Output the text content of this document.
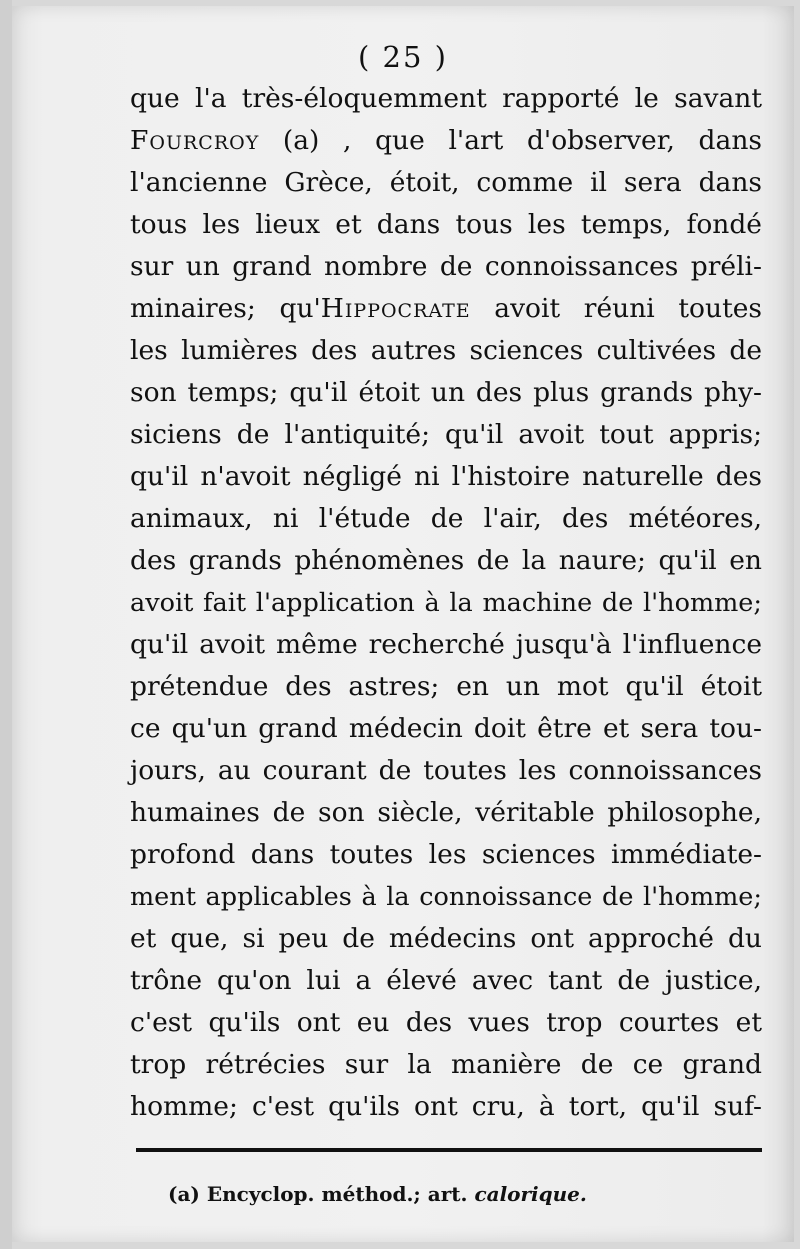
( 25 )
que l'a très-éloquemment rapporté le savant
Fourcroy (a) , que l'art d'observer, dans
l'ancienne Grèce, étoit, comme il sera dans
tous les lieux et dans tous les temps, fondé
sur un grand nombre de connoissances préli-
minaires; qu'Hippocrate avoit réuni toutes
les lumières des autres sciences cultivées de
son temps; qu'il étoit un des plus grands phy-
siciens de l'antiquité; qu'il avoit tout appris;
qu'il n'avoit négligé ni l'histoire naturelle des
animaux, ni l'étude de l'air, des météores,
des grands phénomènes de la naure; qu'il en
avoit fait l'application à la machine de l'homme;
qu'il avoit même recherché jusqu'à l'influence
prétendue des astres; en un mot qu'il étoit
ce qu'un grand médecin doit être et sera tou-
jours, au courant de toutes les connoissances
humaines de son siècle, véritable philosophe,
profond dans toutes les sciences immédiate-
ment applicables à la connoissance de l'homme;
et que, si peu de médecins ont approché du
trône qu'on lui a élevé avec tant de justice,
c'est qu'ils ont eu des vues trop courtes et
trop rétrécies sur la manière de ce grand
homme; c'est qu'ils ont cru, à tort, qu'il suf-
(a) Encyclop. méthod.; art. calorique.
